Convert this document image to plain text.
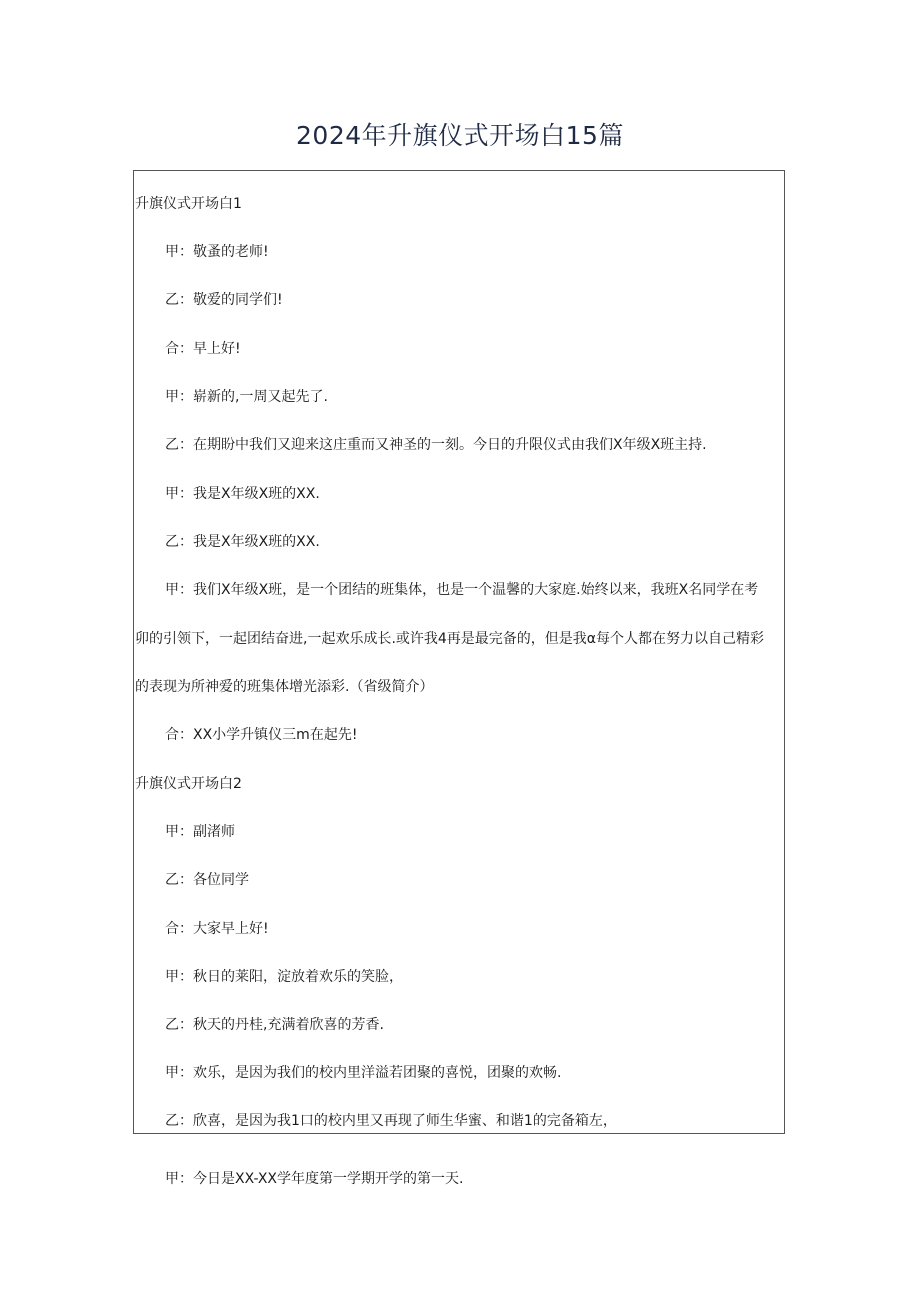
2024年升旗仪式开场白15篇

升旗仪式开场白1

甲：敬蚤的老师!

乙：敬爱的同学们!

合：早上好!

甲：崭新的,一周又起先了.

乙：在期盼中我们又迎来这庄重而又神圣的一刻。今日的升限仪式由我们X年级X班主持.

甲：我是X年级X班的XX.

乙：我是X年级X班的XX.

甲：我们X年级X班，是一个团结的班集体，也是一个温馨的大家庭.始终以来，我班X名同学在考

卯的引领下，一起团结奋进,一起欢乐成长.或许我4再是最完备的，但是我α每个人都在努力以自己精彩

的表现为所神爱的班集体增光添彩.（省级简介）

合：XX小学升镇仪三m在起先!

升旗仪式开场白2

甲：副渚师

乙：各位同学

合：大家早上好!

甲：秋日的莱阳，淀放着欢乐的笑脸，

乙：秋天的丹桂,充满着欣喜的芳香.

甲：欢乐，是因为我们的校内里洋溢若团聚的喜悦，团聚的欢畅.

乙：欣喜，是因为我1口的校内里又再现了师生华蜜、和谐1的完备箱左，

甲：今日是XX-XX学年度第一学期开学的第一天.
